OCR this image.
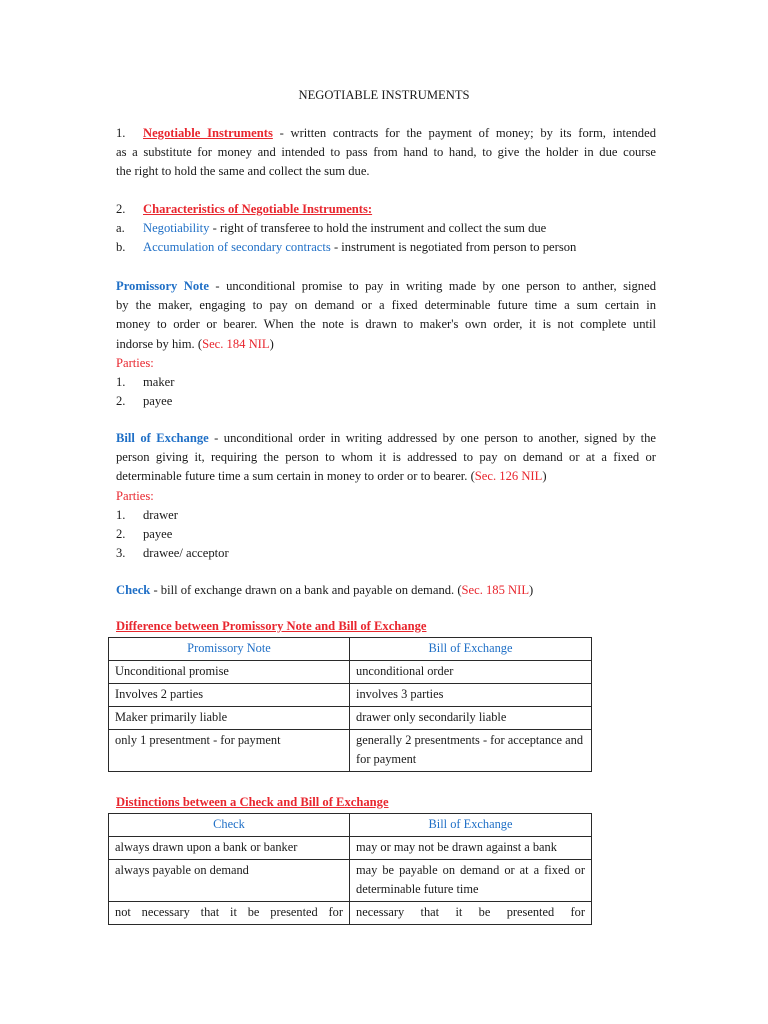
NEGOTIABLE INSTRUMENTS
1. Negotiable Instruments - written contracts for the payment of money; by its form, intended
as a substitute for money and intended to pass from hand to hand, to give the holder in due course
the right to hold the same and collect the sum due.
2. Characteristics of Negotiable Instruments:
a. Negotiability - right of transferee to hold the instrument and collect the sum due
b. Accumulation of secondary contracts - instrument is negotiated from person to person
Promissory Note - unconditional promise to pay in writing made by one person to anther, signed
by the maker, engaging to pay on demand or a fixed determinable future time a sum certain in
money to order or bearer. When the note is drawn to maker's own order, it is not complete until
indorse by him. (Sec. 184 NIL)
Parties:
1. maker
2. payee
Bill of Exchange - unconditional order in writing addressed by one person to another, signed by the
person giving it, requiring the person to whom it is addressed to pay on demand or at a fixed or
determinable future time a sum certain in money to order or to bearer. (Sec. 126 NIL)
Parties:
1. drawer
2. payee
3. drawee/ acceptor
Check - bill of exchange drawn on a bank and payable on demand. (Sec. 185 NIL)
Difference between Promissory Note and Bill of Exchange
Promissory Note	Bill of Exchange
Unconditional promise	unconditional order
Involves 2 parties	involves 3 parties
Maker primarily liable	drawer only secondarily liable
only 1 presentment - for payment	generally 2 presentments - for acceptance and for payment
Distinctions between a Check and Bill of Exchange
Check	Bill of Exchange
always drawn upon a bank or banker	may or may not be drawn against a bank
always payable on demand	may be payable on demand or at a fixed or determinable future time
not necessary that it be presented for	necessary that it be presented for
